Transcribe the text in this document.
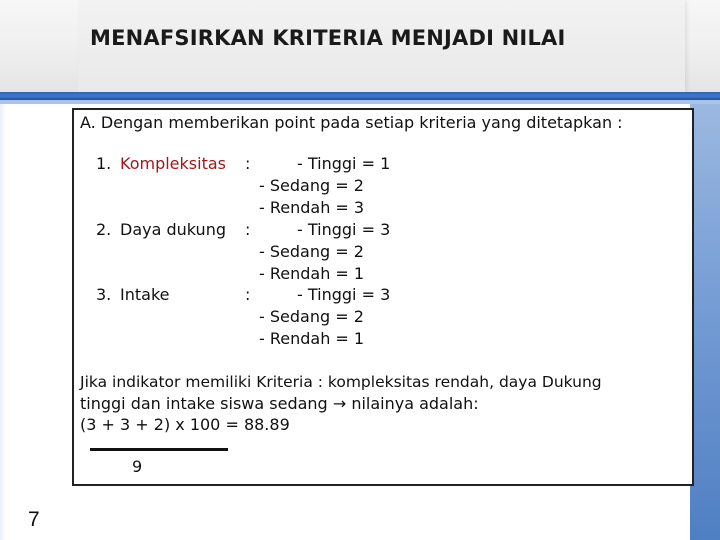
MENAFSIRKAN KRITERIA MENJADI NILAI
A. Dengan memberikan point pada setiap kriteria yang ditetapkan :
1. Kompleksitas :	- Tinggi = 1
- Sedang = 2
- Rendah = 3
2. Daya dukung :	- Tinggi = 3
- Sedang = 2
- Rendah = 1
3. Intake	:	- Tinggi = 3
- Sedang = 2
- Rendah = 1
Jika indikator memiliki Kriteria : kompleksitas rendah, daya Dukung
tinggi dan intake siswa sedang → nilainya adalah:
(3 + 3 + 2) x 100 = 88.89
9
7
